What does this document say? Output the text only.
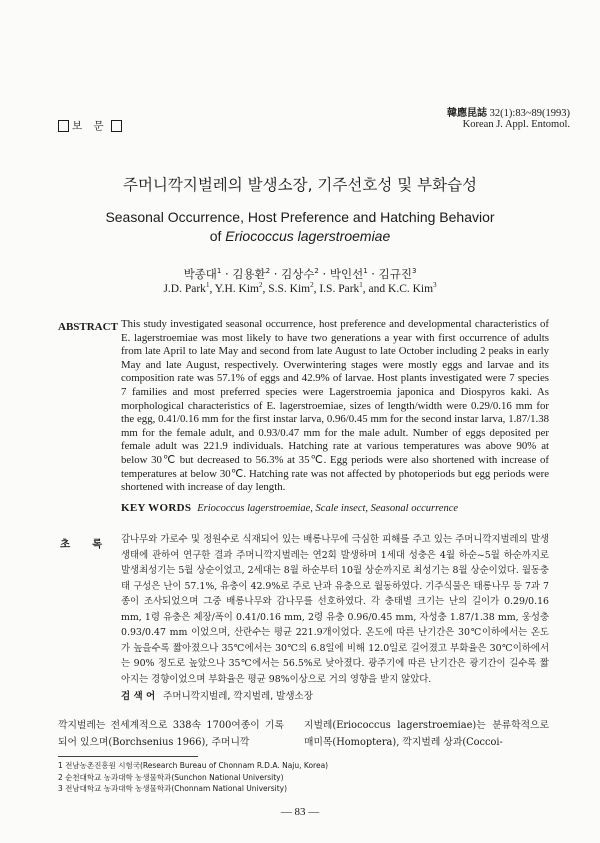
보 문
韓應昆誌 32(1):83~89(1993)
Korean J. Appl. Entomol.
주머니깍지벌레의 발생소장, 기주선호성 및 부화습성
Seasonal Occurrence, Host Preference and Hatching Behavior
of Eriococcus lagerstroemiae
박종대$^1$ · 김용환$^2$ · 김상수$^2$ · 박인선$^1$ · 김규진$^3$
J.D. Park$^1$, Y.H. Kim$^2$, S.S. Kim$^2$, I.S. Park$^1$, and K.C. Kim$^3$
ABSTRACT This study investigated seasonal occurrence, host preference and developmental characteristics of E. lagerstroemiae was most likely to have two generations a year with first occurrence of adults from late April to late May and second from late August to late October including 2 peaks in early May and late August, respectively. Overwintering stages were mostly eggs and larvae and its composition rate was 57.1% of eggs and 42.9% of larvae. Host plants investigated were 7 species 7 families and most preferred species were Lagerstroemia japonica and Diospyros kaki. As morphological characteristics of E. lagerstroemiae, sizes of length/width were 0.29/0.16 mm for the egg, 0.41/0.16 mm for the first instar larva, 0.96/0.45 mm for the second instar larva, 1.87/1.38 mm for the female adult, and 0.93/0.47 mm for the male adult. Number of eggs deposited per female adult was 221.9 individuals. Hatching rate at various temperatures was above 90% at below 30℃ but decreased to 56.3% at 35℃. Egg periods were also shortened with increase of temperatures at below 30℃. Hatching rate was not affected by photoperiods but egg periods were shortened with increase of day length.
KEY WORDS Eriococcus lagerstroemiae, Scale insect, Seasonal occurrence
초록
감나무와 가로수 및 정원수로 식재되어 있는 배롱나무에 극심한 피해를 주고 있는 주머니깍지벌레의 발생생태에 관하여 연구한 결과 주머니깍지벌레는 연2회 발생하며 1세대 성충은 4월 하순~5월 하순까지로 발생최성기는 5월 상순이었고, 2세대는 8월 하순부터 10월 상순까지로 최성기는 8월 상순이었다. 월동충태 구성은 난이 57.1%, 유충이 42.9%로 주로 난과 유충으로 월동하였다. 기주식물은 태롱나무 등 7과 7종이 조사되었으며 그중 배롱나무와 감나무를 선호하였다. 각 충태별 크기는 난의 길이가 0.29/0.16 mm, 1령 유충은 체장/폭이 0.41/0.16 mm, 2령 유충 0.96/0.45 mm, 자성충 1.87/1.38 mm, 웅성충 0.93/0.47 mm 이었으며, 산란수는 평균 221.9개이었다. 온도에 따른 난기간은 30℃이하에서는 온도가 높을수록 짧아졌으나 35℃에서는 30℃의 6.8일에 비해 12.0일로 길어졌고 부화율은 30℃이하에서는 90% 정도로 높았으나 35℃에서는 56.5%로 낮아졌다. 광주기에 따른 난기간은 광기간이 길수록 짧아지는 경향이었으며 부화율은 평균 98%이상으로 거의 영향을 받지 않았다.
검 색 어 주머니깍지벌레, 깍지벌레, 발생소장
깍지벌레는 전세계적으로 338속 1700여종이 기록되어 있으며(Borchsenius 1966), 주머니깍
지벌레(Eriococcus lagerstroemiae)는 분류학적으로 매미목(Homoptera), 깍지벌레 상과(Coccoi-
1 전남농촌진흥원 시험국(Research Bureau of Chonnam R.D.A. Naju, Korea)
2 순천대학교 농과대학 농생물학과(Sunchon National University)
3 전남대학교 농과대학 농생물학과(Chonnam National University)
— 83 —
